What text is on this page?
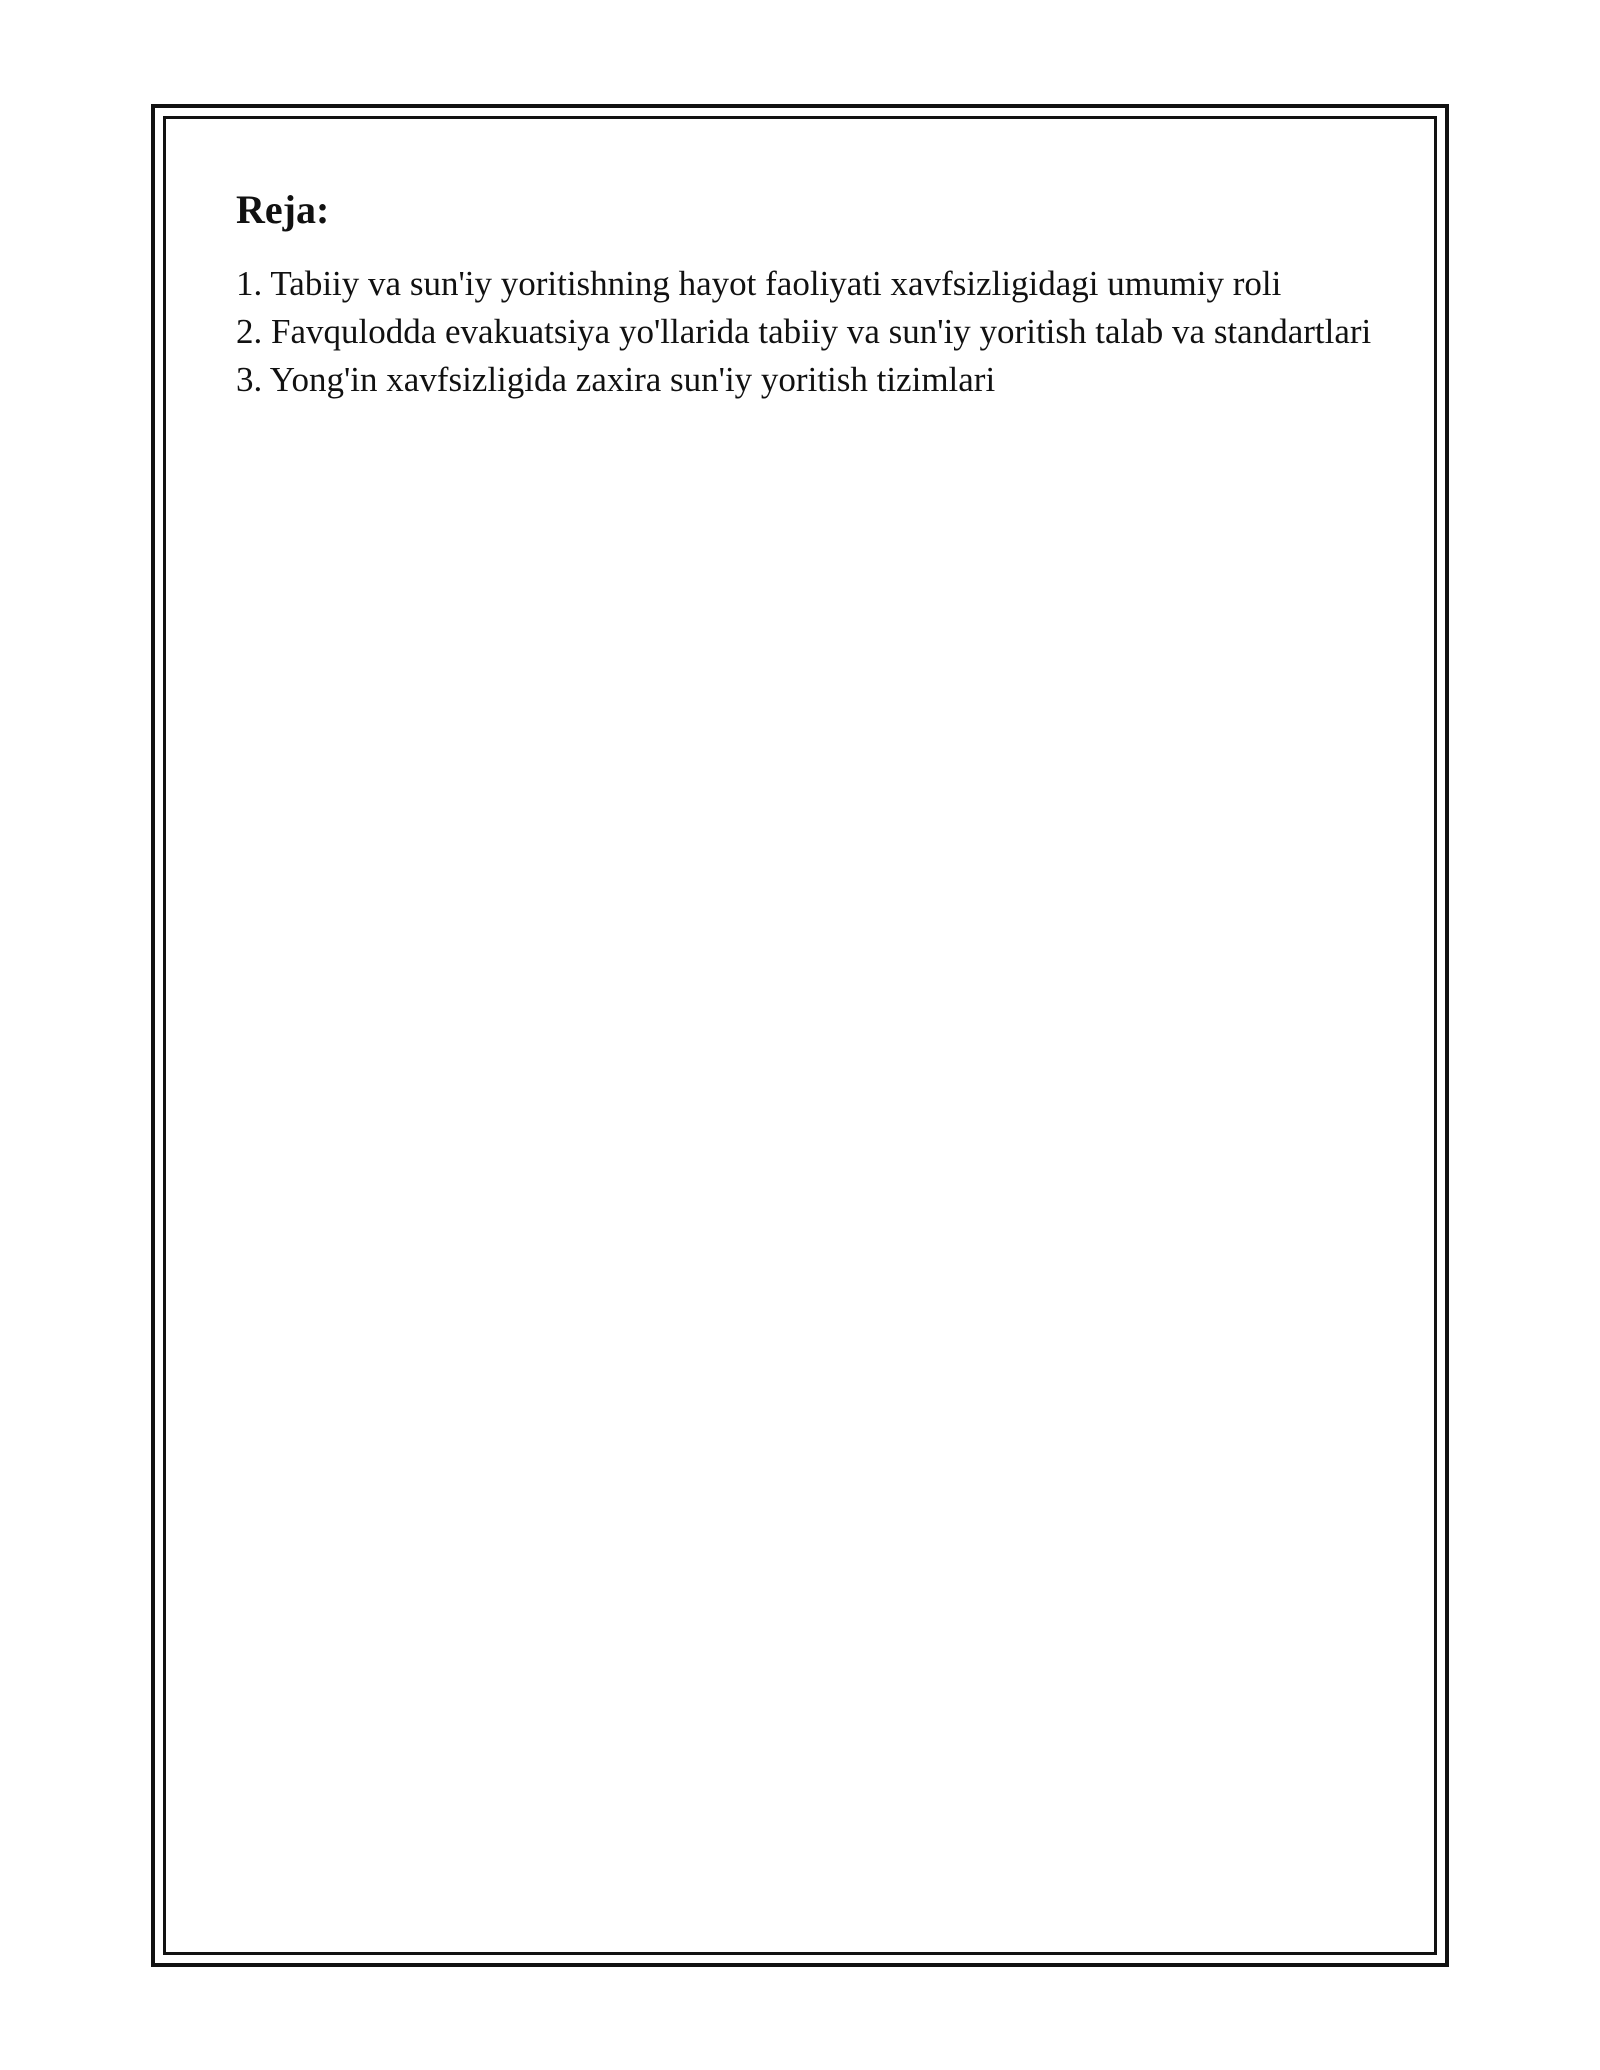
Reja:
1. Tabiiy va sun'iy yoritishning hayot faoliyati xavfsizligidagi umumiy roli
2. Favqulodda evakuatsiya yo'llarida tabiiy va sun'iy yoritish talab va standartlari
3. Yong'in xavfsizligida zaxira sun'iy yoritish tizimlari
